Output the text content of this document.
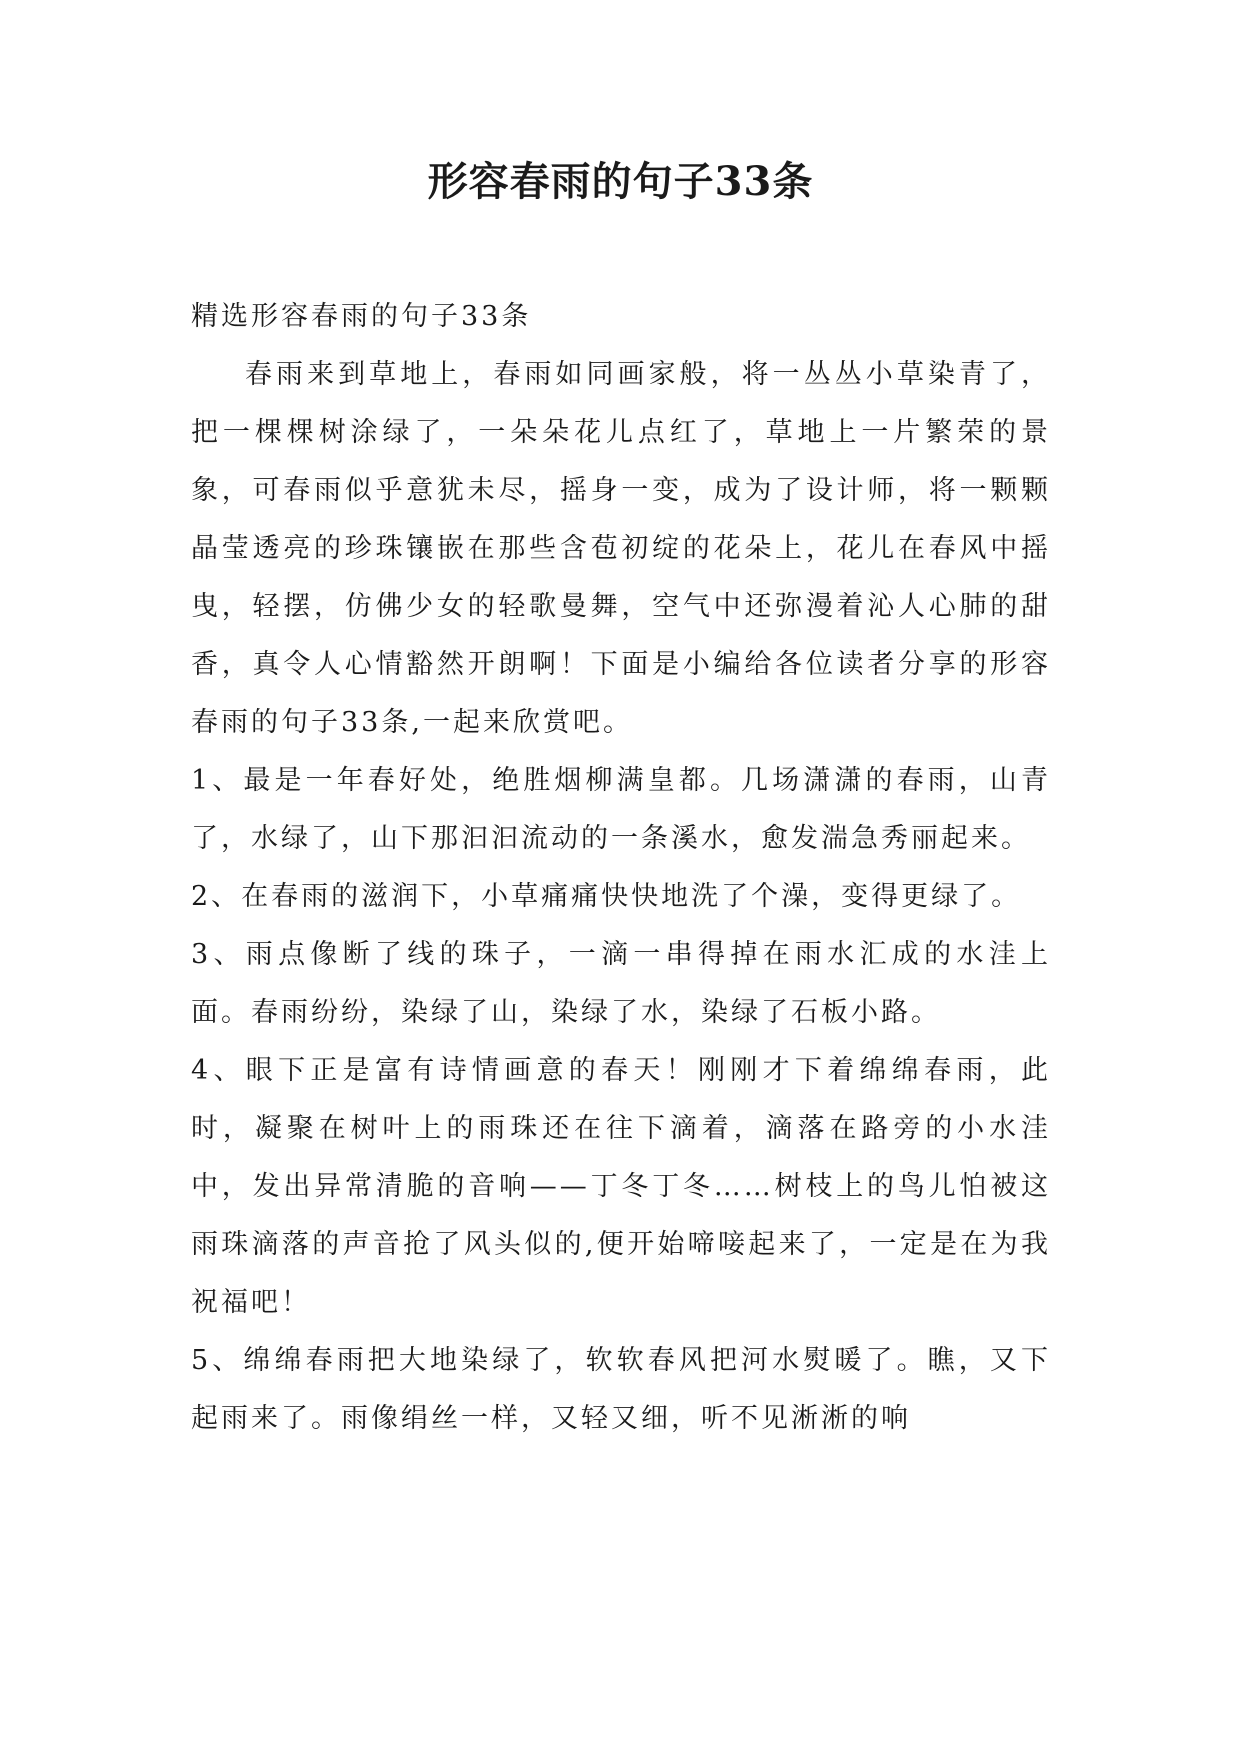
形容春雨的句子33条

精选形容春雨的句子33条

春雨来到草地上，春雨如同画家般，将一丛丛小草染青了，把一棵棵树涂绿了，一朵朵花儿点红了，草地上一片繁荣的景象，可春雨似乎意犹未尽，摇身一变，成为了设计师，将一颗颗晶莹透亮的珍珠镶嵌在那些含苞初绽的花朵上，花儿在春风中摇曳，轻摆，仿佛少女的轻歌曼舞，空气中还弥漫着沁人心肺的甜香，真令人心情豁然开朗啊！下面是小编给各位读者分享的形容春雨的句子33条,一起来欣赏吧。

1、最是一年春好处，绝胜烟柳满皇都。几场潇潇的春雨，山青了，水绿了，山下那汩汩流动的一条溪水，愈发湍急秀丽起来。

2、在春雨的滋润下，小草痛痛快快地洗了个澡，变得更绿了。

3、雨点像断了线的珠子，一滴一串得掉在雨水汇成的水洼上面。春雨纷纷，染绿了山，染绿了水，染绿了石板小路。

4、眼下正是富有诗情画意的春天！刚刚才下着绵绵春雨，此时，凝聚在树叶上的雨珠还在往下滴着，滴落在路旁的小水洼中，发出异常清脆的音响——丁冬丁冬……树枝上的鸟儿怕被这雨珠滴落的声音抢了风头似的,便开始啼唼起来了，一定是在为我祝福吧！

5、绵绵春雨把大地染绿了，软软春风把河水熨暖了。瞧，又下起雨来了。雨像绢丝一样，又轻又细，听不见淅淅的响
